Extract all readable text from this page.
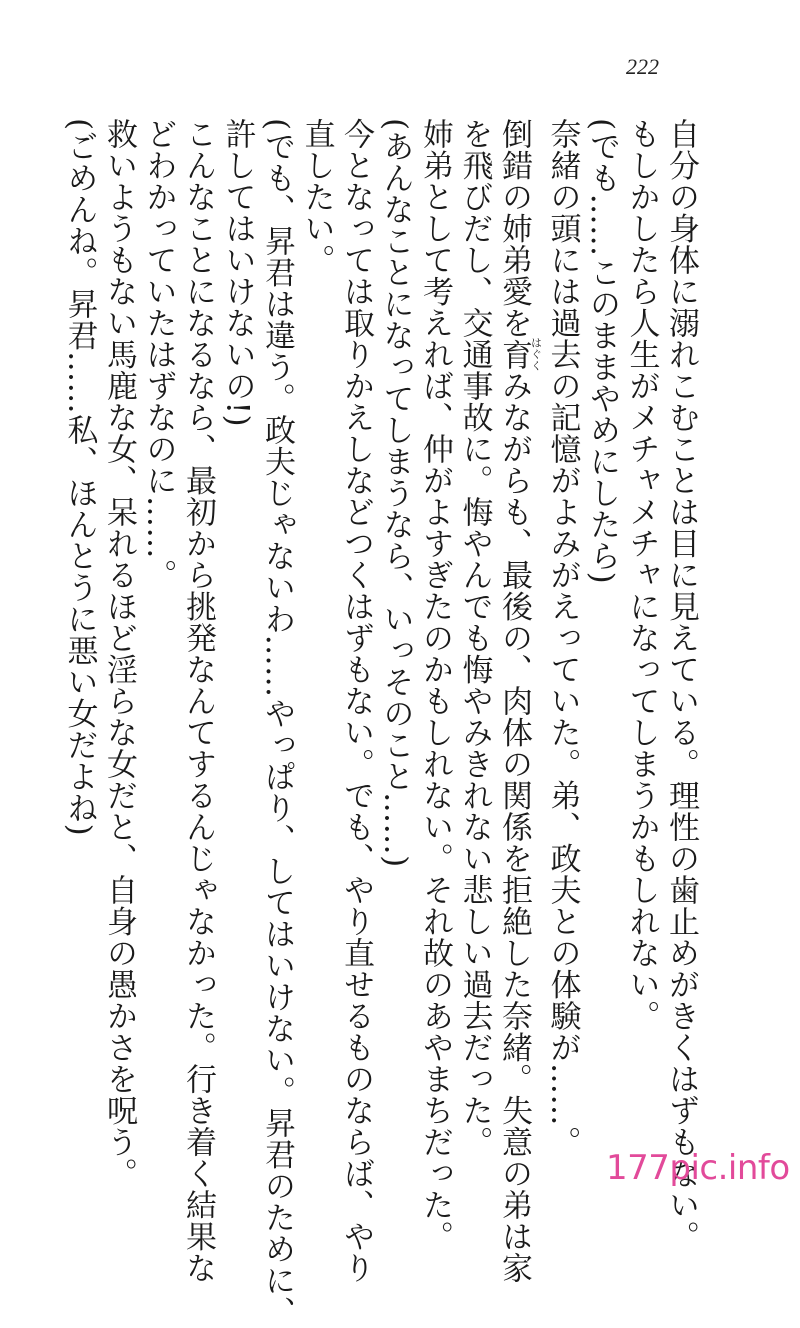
222
自分の身体に溺れこむことは目に見えている。理性の歯止めがきくはずもない。
もしかしたら人生がメチャメチャになってしまうかもしれない。
(でも……このままやめにしたら)
奈緒の頭には過去の記憶がよみがえっていた。弟、政夫との体験が……。
倒錯の姉弟愛を育はぐくみながらも、最後の、肉体の関係を拒絶した奈緒。失意の弟は家
を飛びだし、交通事故に。悔やんでも悔やみきれない悲しい過去だった。
姉弟として考えれば、仲がよすぎたのかもしれない。それ故のあやまちだった。
(あんなことになってしまうなら、いっそのこと……)
今となっては取りかえしなどつくはずもない。でも、やり直せるものならば、やり
直したい。
(でも、昇君は違う。政夫じゃないわ……やっぱり、してはいけない。昇君のために、
許してはいけないの!)
こんなことになるなら、最初から挑発なんてするんじゃなかった。行き着く結果な
どわかっていたはずなのに……。
救いようもない馬鹿な女、呆れるほど淫らな女だと、自身の愚かさを呪う。
(ごめんね。昇君……私、ほんとうに悪い女だよね)
177pic.info
